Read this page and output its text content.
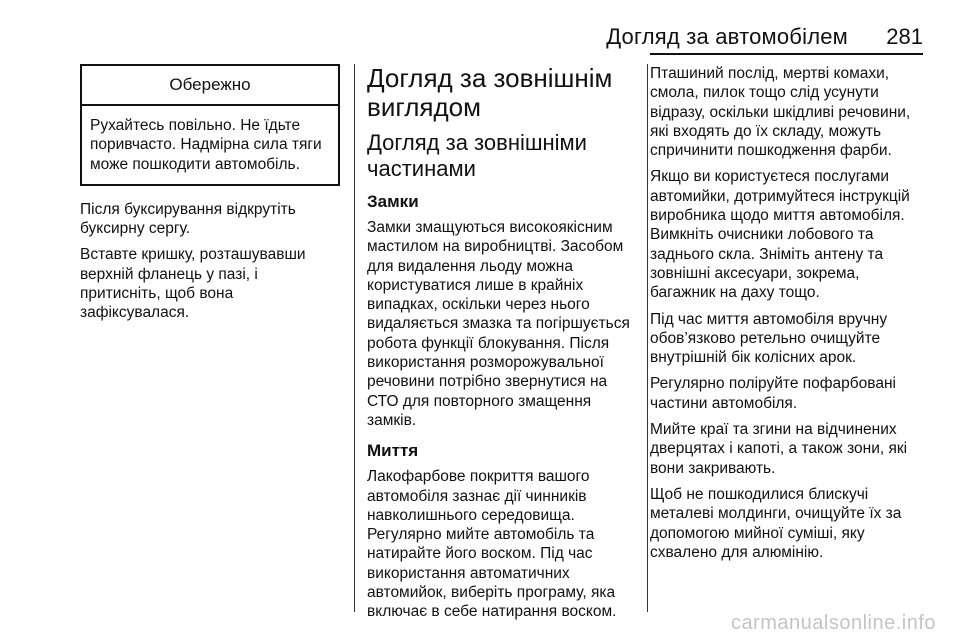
Догляд за автомобілем 281
Обережно
Рухайтесь повільно. Не їдьте поривчасто. Надмірна сила тяги може пошкодити автомобіль.

Після буксирування відкрутіть буксирну сергу.

Вставте кришку, розташувавши верхній фланець у пазі, і притисніть, щоб вона зафіксувалася.

Догляд за зовнішнім виглядом
Догляд за зовнішніми частинами
Замки

Замки змащуються високоякісним мастилом на виробництві. Засобом для видалення льоду можна користуватися лише в крайніх випадках, оскільки через нього видаляється змазка та погіршується робота функції блокування. Після використання розморожувальної речовини потрібно звернутися на СТО для повторного змащення замків.

Миття

Лакофарбове покриття вашого автомобіля зазнає дії чинників навколишнього середовища. Регулярно мийте автомобіль та натирайте його воском. Під час використання автоматичних автомийок, виберіть програму, яка включає в себе натирання воском.

Пташиний послід, мертві комахи, смола, пилок тощо слід усунути відразу, оскільки шкідливі речовини, які входять до їх складу, можуть спричинити пошкодження фарби.

Якщо ви користуєтеся послугами автомийки, дотримуйтеся інструкцій виробника щодо миття автомобіля. Вимкніть очисники лобового та заднього скла. Зніміть антену та зовнішні аксесуари, зокрема, багажник на даху тощо.

Під час миття автомобіля вручну обов’язково ретельно очищуйте внутрішній бік колісних арок.

Регулярно поліруйте пофарбовані частини автомобіля.

Мийте краї та згини на відчинених дверцятах і капоті, а також зони, які вони закривають.

Щоб не пошкодилися блискучі металеві молдинги, очищуйте їх за допомогою мийної суміші, яку схвалено для алюмінію.

carmanualsonline.info
